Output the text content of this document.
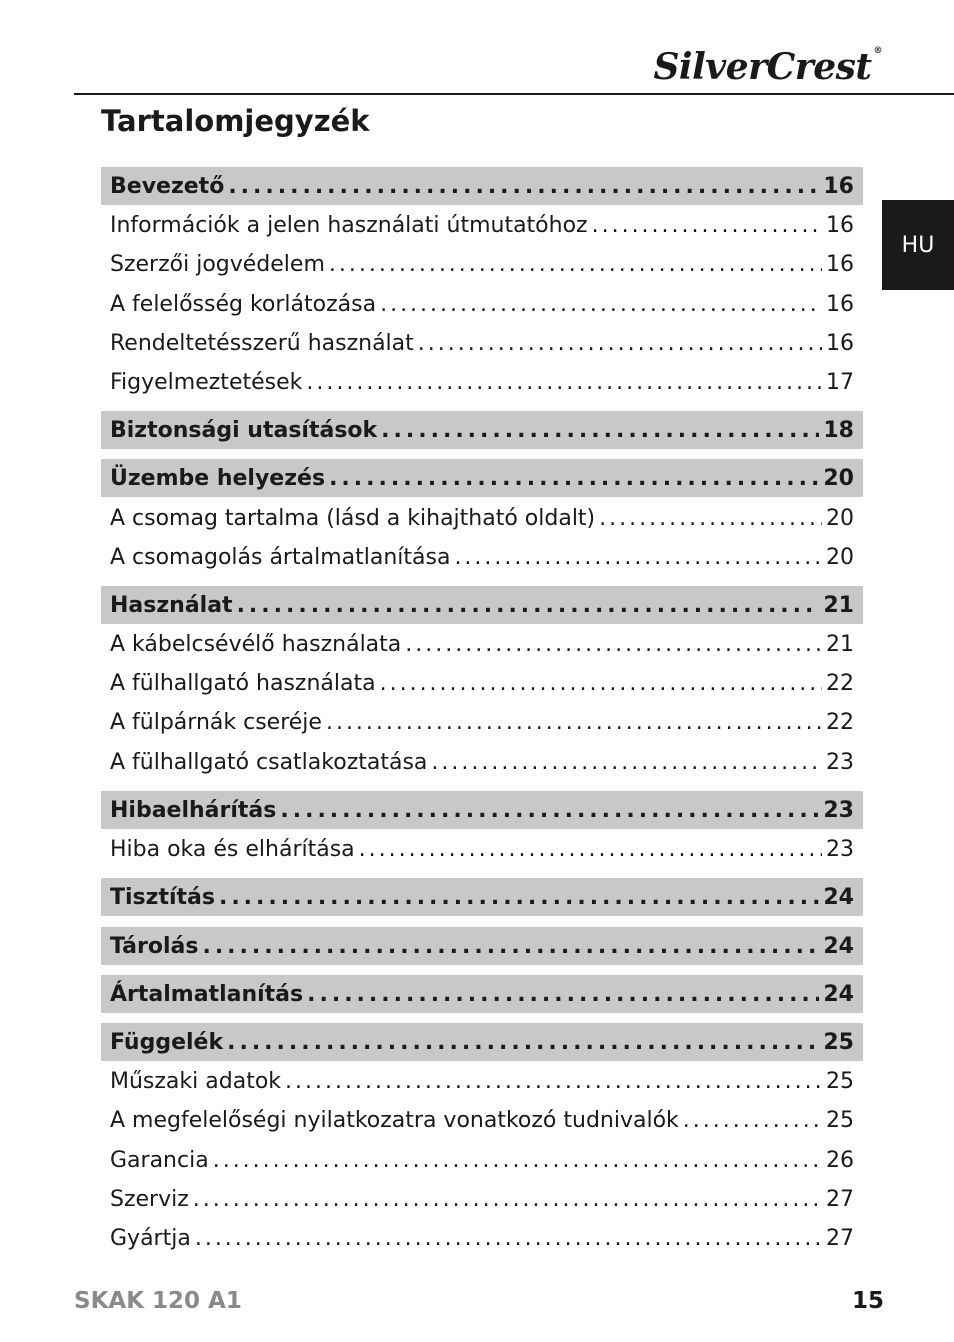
SilverCrest ®
Tartalomjegyzék
HU
Bevezető .....	16
Információk a jelen használati útmutatóhoz .....	16
Szerzői jogvédelem .....	16
A felelősség korlátozása .....	16
Rendeltetésszerű használat .....	16
Figyelmeztetések .....	17
Biztonsági utasítások .....	18
Üzembe helyezés .....	20
A csomag tartalma (lásd a kihajtható oldalt) .....	20
A csomagolás ártalmatlanítása .....	20
Használat .....	21
A kábelcsévélő használata .....	21
A fülhallgató használata .....	22
A fülpárnák cseréje .....	22
A fülhallgató csatlakoztatása .....	23
Hibaelhárítás .....	23
Hiba oka és elhárítása .....	23
Tisztítás .....	24
Tárolás .....	24
Ártalmatlanítás .....	24
Függelék .....	25
Műszaki adatok .....	25
A megfelelőségi nyilatkozatra vonatkozó tudnivalók .....	25
Garancia .....	26
Szerviz .....	27
Gyártja .....	27
SKAK 120 A1	15
